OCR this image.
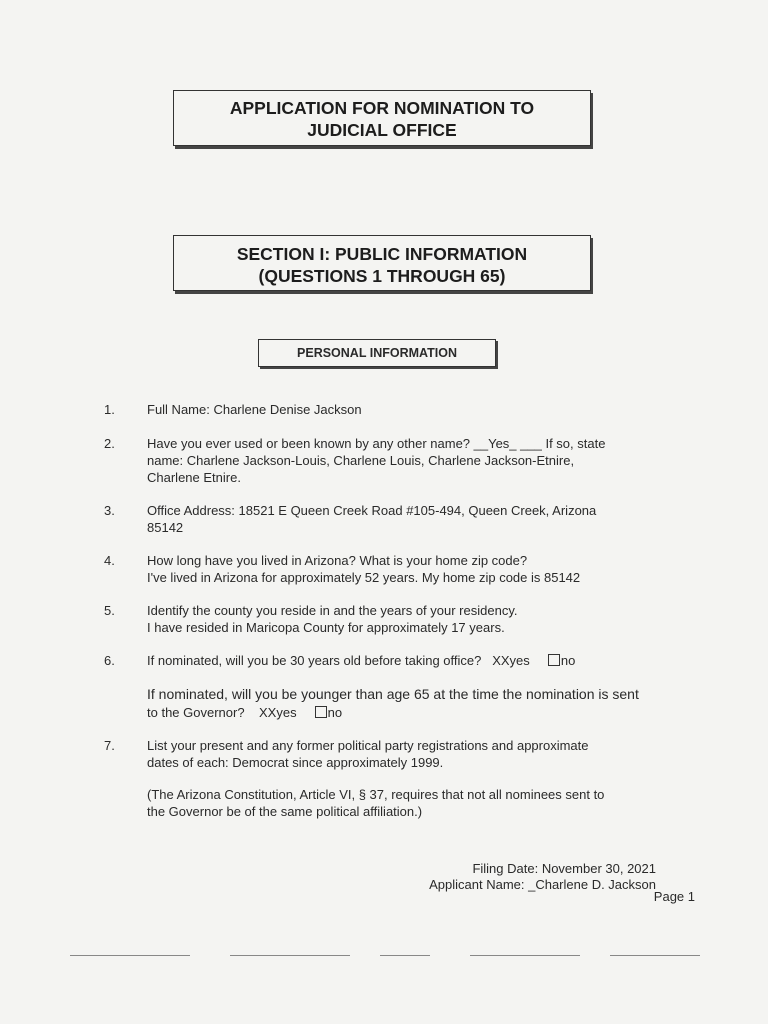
APPLICATION FOR NOMINATION TO
JUDICIAL OFFICE
SECTION I: PUBLIC INFORMATION
(QUESTIONS 1 THROUGH 65)
PERSONAL INFORMATION
1.	Full Name: Charlene Denise Jackson
2.	Have you ever used or been known by any other name? __Yes_ ___ If so, state
name: Charlene Jackson-Louis, Charlene Louis, Charlene Jackson-Etnire,
Charlene Etnire.
3.	Office Address: 18521 E Queen Creek Road #105-494, Queen Creek, Arizona
85142
4.	How long have you lived in Arizona? What is your home zip code?
I've lived in Arizona for approximately 52 years. My home zip code is 85142
5.	Identify the county you reside in and the years of your residency.
I have resided in Maricopa County for approximately 17 years.
6.	If nominated, will you be 30 years old before taking office? XXyes no
If nominated, will you be younger than age 65 at the time the nomination is sent
to the Governor? XXyes no
7.	List your present and any former political party registrations and approximate
dates of each: Democrat since approximately 1999.
(The Arizona Constitution, Article VI, § 37, requires that not all nominees sent to
the Governor be of the same political affiliation.)
Filing Date: November 30, 2021
Applicant Name: _Charlene D. Jackson
Page 1
